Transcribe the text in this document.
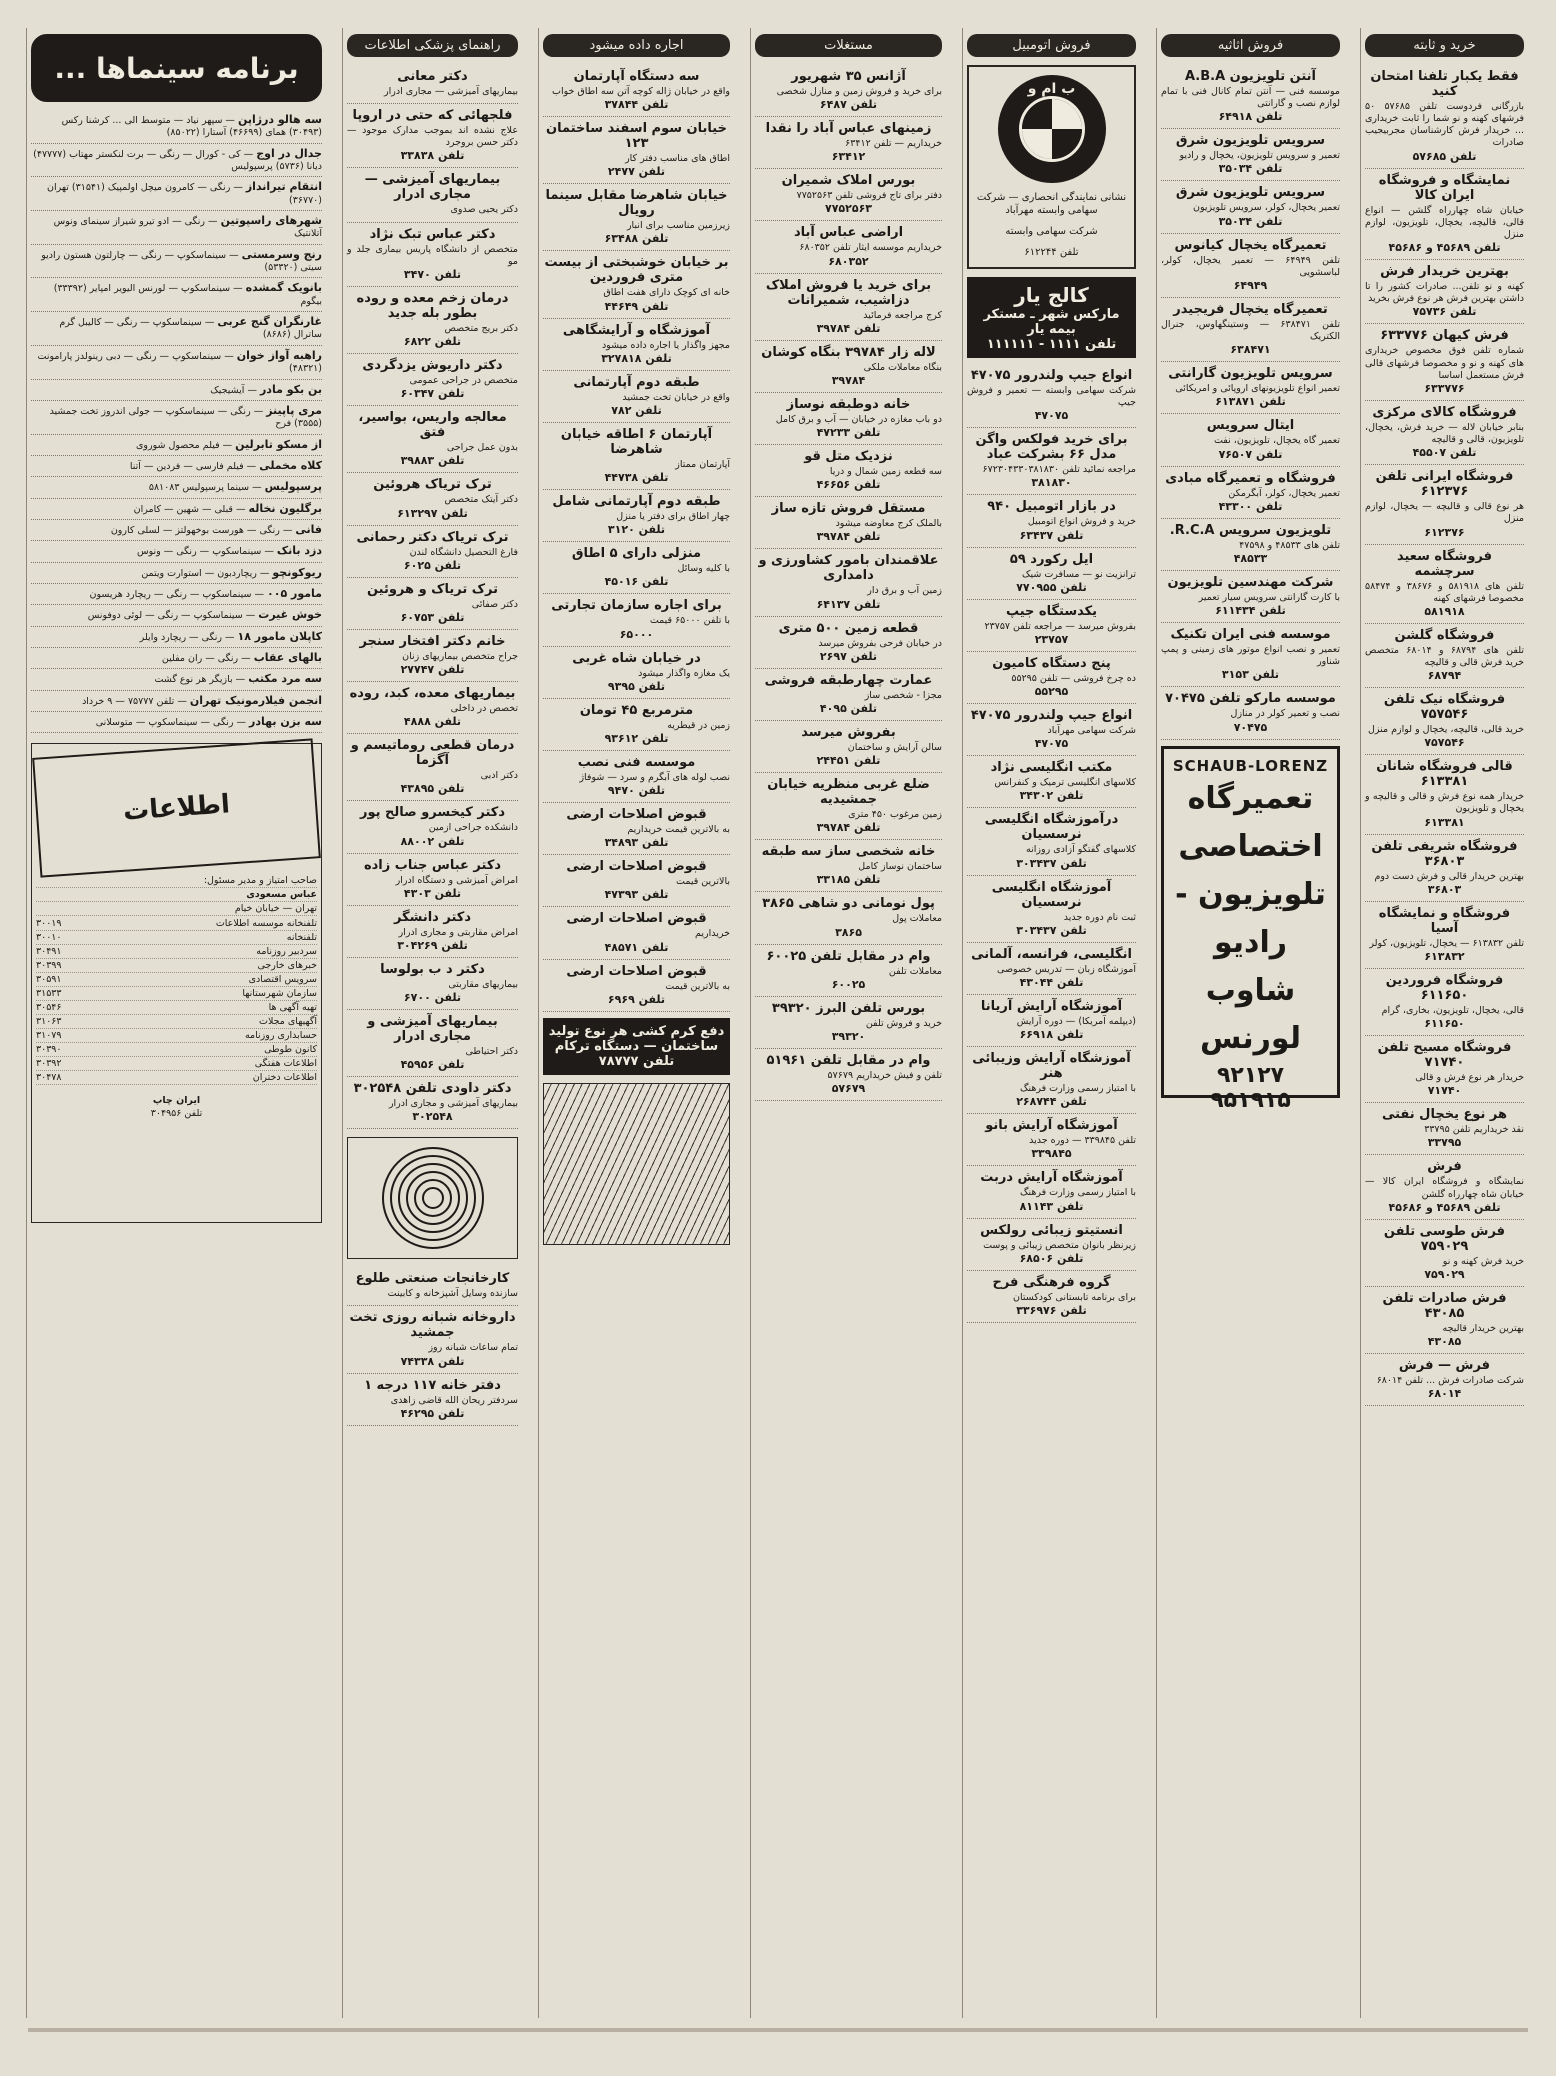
خرید و ثابته
فقط یکبار تلفنا امتحان کنید

بازرگانی فردوست تلفن ۵۷۶۸۵ ۵۰ فرشهای کهنه و نو شما را ثابت خریداری ... خریدار فرش کارشناسان مجربیجیب صادرات

تلفن ۵۷۶۸۵
نمایشگاه و فروشگاه ایران کالا

خیابان شاه چهارراه گلشن — انواع قالی، قالیچه، یخچال، تلویزیون، لوازم منزل

تلفن ۴۵۶۸۹ و ۴۵۶۸۶
بهترین خریدار فرش

کهنه و نو تلفن... صادرات کشور را تا داشتن بهترین فرش هر نوع فرش بخرید

تلفن ۷۵۷۳۶
فرش کیهان ۶۳۳۷۷۶

شماره تلفن فوق مخصوص خریداری های کهنه و نو و مخصوصا فرشهای قالی فرش مستعمل اساسا

۶۳۳۷۷۶
فروشگاه کالای مرکزی

بنابر خیابان لاله — خرید فرش، یخچال، تلویزیون، قالی و قالیچه

تلفن ۴۵۵۰۷
فروشگاه ایرانی تلفن ۶۱۲۳۷۶

هر نوع قالی و قالیچه — یخچال، لوازم منزل

۶۱۲۳۷۶
فروشگاه سعید سرچشمه

تلفن های ۵۸۱۹۱۸ و ۳۸۶۷۶ و ۵۸۴۷۴ مخصوصا فرشهای کهنه

۵۸۱۹۱۸
فروشگاه گلشن

تلفن های ۶۸۷۹۴ و ۶۸۰۱۴ متخصص خرید فرش قالی و قالیچه

۶۸۷۹۴
فروشگاه نیک تلفن ۷۵۷۵۴۶

خرید قالی، قالیچه، یخچال و لوازم منزل

۷۵۷۵۴۶
قالی فروشگاه شانان ۶۱۳۳۸۱

خریدار همه نوع فرش و قالی و قالیچه و یخچال و تلویزیون

۶۱۳۳۸۱
فروشگاه شریفی تلفن ۳۶۸۰۳

بهترین خریدار قالی و فرش دست دوم

۳۶۸۰۳
فروشگاه و نمایشگاه آسیا

تلفن ۶۱۳۸۳۲ — یخچال، تلویزیون، کولر

۶۱۳۸۳۲
فروشگاه فروردین ۶۱۱۶۵۰

قالی، یخچال، تلویزیون، بخاری، گرام

۶۱۱۶۵۰
فروشگاه مسیح تلفن ۷۱۷۴۰

خریدار هر نوع فرش و قالی

۷۱۷۴۰
هر نوع یخچال نفتی

نقد خریداریم تلفن ۳۳۷۹۵

۳۳۷۹۵
فرش

نمایشگاه و فروشگاه ایران کالا — خیابان شاه چهارراه گلشن

تلفن ۴۵۶۸۹ و ۴۵۶۸۶
فرش طوسی تلفن ۷۵۹۰۲۹

خرید فرش کهنه و نو

۷۵۹۰۲۹
فرش صادرات تلفن ۴۳۰۸۵

بهترین خریدار قالیچه

۴۳۰۸۵
فرش — فرش

شرکت صادرات فرش ... تلفن ۶۸۰۱۴

۶۸۰۱۴
فروش اثاثیه
آنتن تلویزیون A.B.A

موسسه فنی — آنتن تمام کانال فنی با تمام لوازم نصب و گارانتی

تلفن ۶۴۹۱۸
سرویس تلویزیون شرق

تعمیر و سرویس تلویزیون، یخچال و رادیو

تلفن ۳۵۰۳۴
سرویس تلویزیون شرق

تعمیر یخچال، کولر، سرویس تلویزیون

تلفن ۳۵۰۳۴
تعمیرگاه یخچال کیانوس

تلفن ۶۴۹۴۹ — تعمیر یخچال، کولر، لباسشویی

۶۴۹۴۹
تعمیرگاه یخچال فریجیدر

تلفن ۶۳۸۴۷۱ — وستینگهاوس، جنرال الکتریک

۶۳۸۴۷۱
سرویس تلویزیون گارانتی

تعمیر انواع تلویزیونهای اروپائی و امریکائی

تلفن ۶۱۳۸۷۱
ایتال سرویس

تعمیر گاه یخچال، تلویزیون، نفت

تلفن ۷۶۵۰۷
فروشگاه و تعمیرگاه مبادی

تعمیر یخچال، کولر، آبگرمکن

تلفن ۴۳۳۰۰
تلویزیون سرویس R.C.A.

تلفن های ۴۸۵۳۳ و ۴۷۵۹۸

۴۸۵۳۳
شرکت مهندسین تلویزیون

با کارت گارانتی سرویس سیار تعمیر

تلفن ۶۱۱۴۳۴
موسسه فنی ایران تکنیک

تعمیر و نصب انواع موتور های زمینی و پمپ شناور

تلفن ۳۱۵۳
موسسه مارکو تلفن ۷۰۴۷۵

نصب و تعمیر کولر در منازل

۷۰۴۷۵
SCHAUB-LORENZ
تعمیرگاه اختصاصی تلویزیون - رادیو شاوب لورنس
۹۲۱۲۷
۹۵۱۹۱۵
فروش اتومبیل
ب ام و
نشانی نمایندگی انحصاری — شرکت سهامی وابسته مهرآباد
شرکت سهامی وابسته
تلفن ۶۱۲۲۴۴
کالج یار
مارکس شهر ـ مستکر بیمه یار
تلفن ۱۱۱۱ - ۱۱۱۱۱۱
انواع جیپ ولندرور ۴۷۰۷۵

شرکت سهامی وابسته — تعمیر و فروش جیپ

۴۷۰۷۵
برای خرید فولکس واگن مدل ۶۶ بشرکت عباد

مراجعه نمائید تلفن ۶۷۲۳۰۴۳۳۰۳۸۱۸۳۰

۳۸۱۸۳۰
در بازار اتومبیل ۹۴۰

خرید و فروش انواع اتومبیل

تلفن ۶۳۴۳۷
ایل رکورد ۵۹

ترانزیت نو — مسافرت شیک

تلفن ۷۷۰۹۵۵
یکدستگاه جیپ

بفروش میرسد — مراجعه تلفن ۲۳۷۵۷

۲۳۷۵۷
پنج دستگاه کامیون

ده چرخ فروشی — تلفن ۵۵۲۹۵

۵۵۲۹۵
انواع جیپ ولندرور ۴۷۰۷۵

شرکت سهامی مهرآباد

۴۷۰۷۵
مکتب انگلیسی نژاد

کلاسهای انگلیسی ترمیک و کنفرانس

تلفن ۳۴۳۰۲
درآموزشگاه انگلیسی نرسسیان

کلاسهای گفتگو آزادی روزانه

تلفن ۳۰۳۴۳۷
آموزشگاه انگلیسی نرسسیان

ثبت نام دوره جدید

تلفن ۳۰۳۴۳۷
انگلیسی، فرانسه، آلمانی

آموزشگاه زبان — تدریس خصوصی

تلفن ۴۳۰۴۴
آموزشگاه آرایش آریانا

(دیپلمه آمریکا) — دوره آرایش

تلفن ۶۶۹۱۸
آموزشگاه آرایش وزیبائی هنر

با امتیاز رسمی وزارت فرهنگ

تلفن ۲۶۸۷۴۴
آموزشگاه آرایش بانو

تلفن ۳۳۹۸۴۵ — دوره جدید

۳۳۹۸۴۵
آموزشگاه آرایش دربت

با امتیاز رسمی وزارت فرهنگ

تلفن ۸۱۱۴۳
انستیتو زیبائی رولکس

زیرنظر بانوان متخصص زیبائی و پوست

تلفن ۶۸۵۰۶
گروه فرهنگی فرح

برای برنامه تابستانی کودکستان

تلفن ۳۳۶۹۷۶
مستغلات
آژانس ۳۵ شهریور

برای خرید و فروش زمین و منازل شخصی

تلفن ۶۴۸۷
زمینهای عباس آباد را نقدا

خریداریم — تلفن ۶۳۴۱۲

۶۳۴۱۲
بورس املاک شمیران

دفتر برای تاج فروشی تلفن ۷۷۵۲۵۶۳

۷۷۵۲۵۶۳
اراضی عباس آباد

خریداریم موسسه ایثار تلفن ۶۸۰۳۵۲

۶۸۰۳۵۲
برای خرید یا فروش املاک دزاشیب، شمیرانات

کرج مراجعه فرمائید

تلفن ۳۹۷۸۴
لاله زار ۳۹۷۸۴ بنگاه کوشان

بنگاه معاملات ملکی

۳۹۷۸۴
خانه دوطبقه نوساز

دو باب مغازه در خیابان — آب و برق کامل

تلفن ۴۷۲۳۳
نزدیک متل قو

سه قطعه زمین شمال و دریا

تلفن ۴۶۶۵۶
مستقل فروش تازه ساز

بالملک کرج معاوضه میشود

تلفن ۳۹۷۸۴
علاقمندان بامور کشاورزی و دامداری

زمین آب و برق دار

تلفن ۶۴۱۳۷
قطعه زمین ۵۰۰ متری

در خیابان فرحی بفروش میرسد

تلفن ۲۶۹۷
عمارت چهارطبقه فروشی

مجزا - شخصی ساز

تلفن ۴۰۹۵
بفروش میرسد

سالن آرایش و ساختمان

تلفن ۲۴۴۵۱
ضلع غربی منظریه خیابان جمشیدیه

زمین مرغوب ۴۵۰ متری

تلفن ۳۹۷۸۴
خانه شخصی ساز سه طبقه

ساختمان نوساز کامل

تلفن ۳۳۱۸۵
پول نومانی دو شاهی ۳۸۶۵

معاملات پول

۳۸۶۵
وام در مقابل تلفن ۶۰۰۲۵

معاملات تلفن

۶۰۰۲۵
بورس تلفن البرز ۳۹۳۲۰

خرید و فروش تلفن

۳۹۳۲۰
وام در مقابل تلفن ۵۱۹۶۱

تلفن و فیش خریداریم ۵۷۶۷۹

۵۷۶۷۹
اجاره داده میشود
سه دستگاه آپارتمان

واقع در خیابان ژاله کوچه آتن سه اطاق خواب

تلفن ۳۷۸۴۴
خیابان سوم اسفند ساختمان ۱۲۳

اطاق های مناسب دفتر کار

تلفن ۲۴۷۷
خیابان شاهرضا مقابل سینما رویال

زیرزمین مناسب برای انبار

تلفن ۶۳۴۸۸
بر خیابان خوشبختی از بیست متری فروردین

خانه ای کوچک دارای هفت اطاق

تلفن ۴۴۶۴۹
آموزشگاه و آرایشگاهی

مجهز واگذار یا اجاره داده میشود

تلفن ۳۲۷۸۱۸
طبقه دوم آپارتمانی

واقع در خیابان تخت جمشید

تلفن ۷۸۲
آپارتمان ۶ اطاقه خیابان شاهرضا

آپارتمان ممتاز

تلفن ۴۴۷۳۸
طبقه دوم آپارتمانی شامل

چهار اطاق برای دفتر یا منزل

تلفن ۳۱۲۰
منزلی دارای ۵ اطاق

با کلیه وسائل

تلفن ۴۵۰۱۶
برای اجاره سازمان تجارتی

با تلفن ۶۵۰۰۰ قیمت

۶۵۰۰۰
در خیابان شاه غربی

یک مغازه واگذار میشود

تلفن ۹۳۹۵
مترمربع ۴۵ تومان

زمین در قیطریه

تلفن ۹۳۶۱۲
موسسه فنی نصب

نصب لوله های آبگرم و سرد — شوفاژ

تلفن ۹۴۷۰
قبوض اصلاحات ارضی

به بالاترین قیمت خریداریم

تلفن ۳۴۸۹۳
قبوض اصلاحات ارضی

بالاترین قیمت

تلفن ۴۷۳۹۳
قبوض اصلاحات ارضی

خریداریم

تلفن ۴۸۵۷۱
قبوض اصلاحات ارضی

به بالاترین قیمت

تلفن ۶۹۶۹
دفع کرم کشی هر نوع تولید ساختمان — دستگاه ترکام
تلفن ۷۸۷۷۷
راهنمای پزشکی اطلاعات
دکتر معانی

بیماریهای آمیزشی — مجاری ادرار

فلجهائی که حتی در اروپا

علاج نشده اند بموجب مدارک موجود — دکتر حسن بروجرد

تلفن ۳۳۸۳۸
بیماریهای آمیزشی — مجاری ادرار

دکتر یحیی صدوی

دکتر عباس تبک نژاد

متخصص از دانشگاه پاریس بیماری جلد و مو

تلفن ۳۴۷۰
درمان زخم معده و روده بطور بله جدید

دکتر بریج متخصص

تلفن ۶۸۲۲
دکتر داریوش یزدگردی

متخصص در جراحی عمومی

تلفن ۶۰۳۴۷
معالجه واریس، بواسیر، فتق

بدون عمل جراحی

تلفن ۳۹۸۸۳
ترک تریاک هروئین

دکتر آیتک متخصص

تلفن ۶۱۳۲۹۷
ترک تریاک دکتر رحمانی

فارغ التحصیل دانشگاه لندن

تلفن ۶۰۲۵
ترک تریاک و هروئین

دکتر صفائی

تلفن ۶۰۷۵۳
خانم دکتر افتخار سنجر

جراح متخصص بیماریهای زنان

تلفن ۲۷۷۴۷
بیماریهای معده، کبد، روده

تخصص در داخلی

تلفن ۴۸۸۸
درمان قطعی روماتیسم و آگزما

دکتر ادبی

تلفن ۴۳۸۹۵
دکتر کیخسرو صالح پور

دانشکده جراحی ازمین

تلفن ۸۸۰۰۲
دکتر عباس جناب زاده

امراض آمیزشی و دستگاه ادرار

تلفن ۴۳۰۳
دکتر دانشگر

امراض مقاربتی و مجاری ادرار

تلفن ۳۰۴۲۶۹
دکتر د ب بولوسا

بیماریهای مقاربتی

تلفن ۶۷۰۰
بیماریهای آمیزشی و مجاری ادرار

دکتر احتیاطی

تلفن ۴۵۹۵۶
دکتر داودی تلفن ۳۰۲۵۴۸

بیماریهای آمیزشی و مجاری ادرار

۳۰۲۵۴۸
کارخانجات صنعتی طلوع

سازنده وسایل آشپزخانه و کابینت

داروخانه شبانه روزی تخت جمشید

تمام ساعات شبانه روز

تلفن ۷۴۳۳۸
دفتر خانه ۱۱۷ درجه ۱

سردفتر ریحان الله قاضی زاهدی

تلفن ۴۶۲۹۵
برنامه سینماها ...
سه هالو درژاپن — سپهر نیاد — متوسط الی ... کرشنا رکس (۳۰۴۹۳) همای (۴۶۶۹۹) آستارا (۸۵۰۲۲)
جدال در اوج — کی - کورال — رنگی — برت لنکستر مهتاب (۴۷۷۷۷) دیانا (۵۷۳۶) پرسپولیس
انتقام تیرانداز — رنگی — کامرون میچل اولمپیک (۳۱۵۴۱) تهران (۳۶۷۷۰)
شهرهای راسپوتین — رنگی — ادو تیرو شیراز سینمای ونوس آتلانتیک
رنج وسرمستی — سینماسکوپ — رنگی — چارلتون هستون رادیو سیتی (۵۳۳۲۰)
بانویک گمشده — سینماسکوپ — لورنس الیویر امپایر (۳۳۳۹۲) بیگوم
غارنگران گنج عربی — سینماسکوپ — رنگی — کالیبل گرم ساترال (۸۶۸۶)
راهبه آواز خوان — سینماسکوپ — رنگی — دبی رینولدز پارامونت (۴۸۳۲۱)
بن بکو مادر — آیشیجیک
مری پاپینز — رنگی — سینماسکوپ — جولی اندروز تخت جمشید (۳۵۵۵) فرح
از مسکو تابرلین — فیلم محصول شوروی
کلاه مخملی — فیلم فارسی — فردین — آتنا
پرسپولیس — سینما پرسپولیس ۵۸۱۰۸۳
برگلیون نخاله — قبلی — شهین — کامران
فانی — رنگی — هورست بوخهولتز — لسلی کارون
دزد بانک — سینماسکوپ — رنگی — ونوس
ریوکونچو — ریچاردبون — استوارت ویتمن
مامور ۰۰۵ — سینماسکوپ — رنگی — ریچارد هریسون
خوش غیرت — سینماسکوپ — رنگی — لوئی دوفونس
کاپلان مامور ۱۸ — رنگی — ریچارد وایلر
بالهای عقاب — رنگی — ران مفلین
سه مرد مکتب — بازیگر هر نوع گشت
انجمن فیلارمونیک تهران — تلفن ۷۵۷۷۷ — ۹ خرداد
سه بزن بهادر — رنگی — سینماسکوپ — متوسلانی
اطلاعات
صاحب امتیاز و مدیر مسئول:
عباس مسعودی
تهران — خیابان خیام
تلفنخانه موسسه اطلاعات
۳۰۰۱۹
تلفنخانه
۳۰۰۱۰
سردبیر روزنامه
۳۰۴۹۱
خبرهای خارجی
۳۰۳۹۹
سرویس اقتصادی
۳۰۵۹۱
سازمان شهرستانها
۳۱۵۳۳
تهیه آگهی ها
۳۰۵۴۶
آگهیهای مجلات
۳۱۰۶۳
حسابداری روزنامه
۳۱۰۷۹
کانون طوطی
۳۰۳۹۰
اطلاعات هفتگی
۳۰۳۹۲
اطلاعات دختران
۳۰۴۷۸
ایران چاپ
تلفن ۳۰۴۹۵۶
